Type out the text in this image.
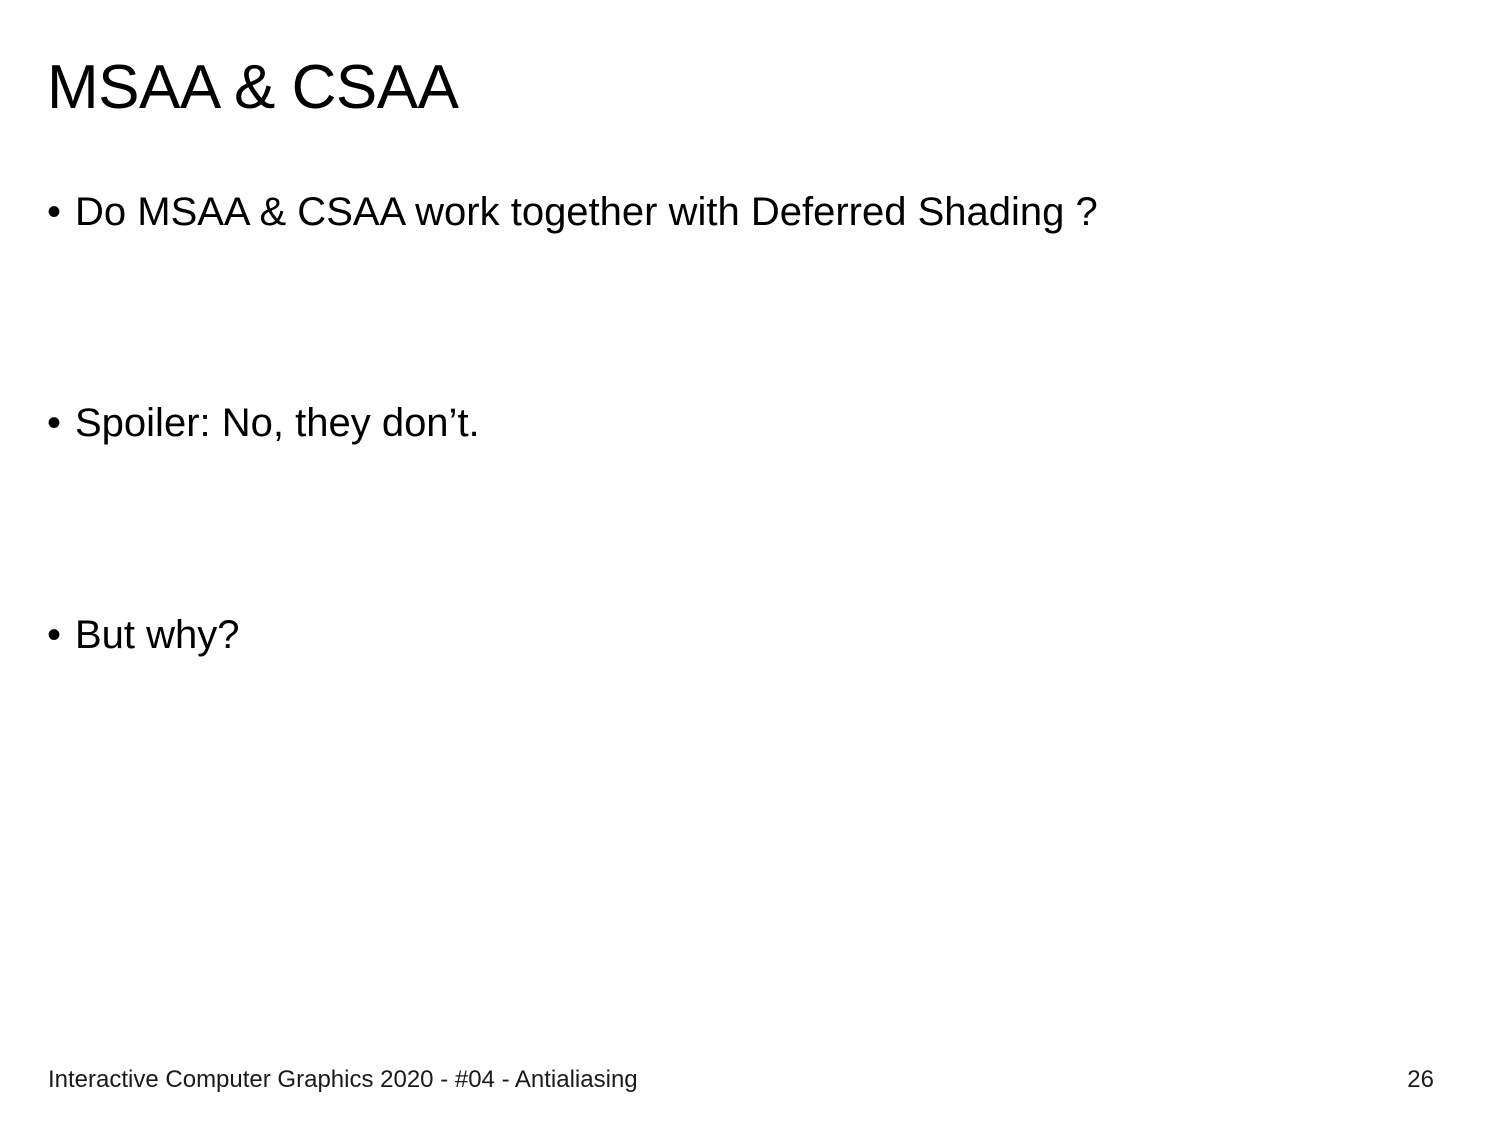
MSAA & CSAA
• Do MSAA & CSAA work together with Deferred Shading ?
• Spoiler: No, they don’t.
• But why?
Interactive Computer Graphics 2020 - #04 - Antialiasing	26
